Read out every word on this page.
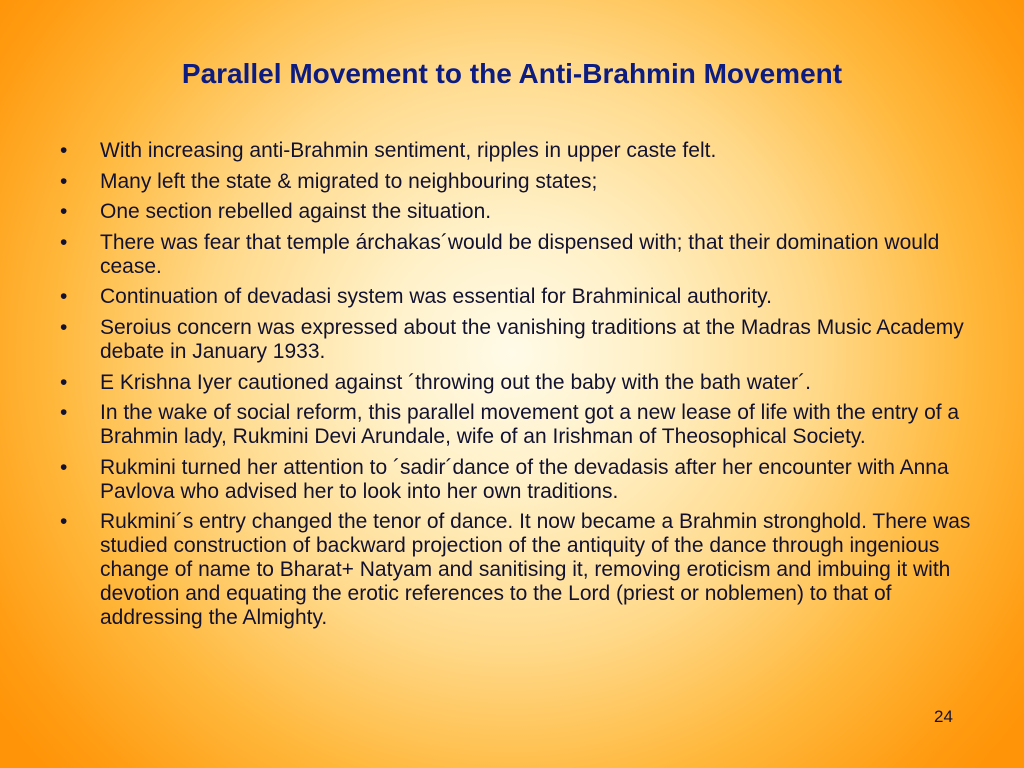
Parallel Movement to the Anti-Brahmin Movement
• With increasing anti-Brahmin sentiment, ripples in upper caste felt.
• Many left the state & migrated to neighbouring states;
• One section rebelled against the situation.
• There was fear that temple árchakas´would be dispensed with; that their domination would cease.
• Continuation of devadasi system was essential for Brahminical authority.
• Seroius concern was expressed about the vanishing traditions at the Madras Music Academy debate in January 1933.
• E Krishna Iyer cautioned against ´throwing out the baby with the bath water´.
• In the wake of social reform, this parallel movement got a new lease of life with the entry of a Brahmin lady, Rukmini Devi Arundale, wife of an Irishman of Theosophical Society.
• Rukmini turned her attention to ´sadir´dance of the devadasis after her encounter with Anna Pavlova who advised her to look into her own traditions.
• Rukmini´s entry changed the tenor of dance. It now became a Brahmin stronghold. There was studied construction of backward projection of the antiquity of the dance through ingenious change of name to Bharat+ Natyam and sanitising it, removing eroticism and imbuing it with devotion and equating the erotic references to the Lord (priest or noblemen) to that of addressing the Almighty.
24
